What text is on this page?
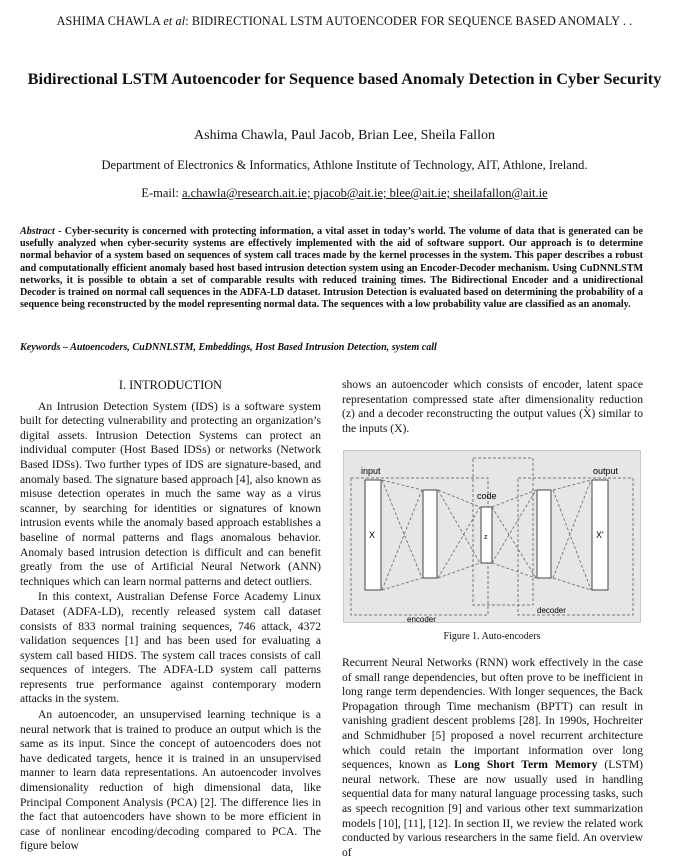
ASHIMA CHAWLA et al: BIDIRECTIONAL LSTM AUTOENCODER FOR SEQUENCE BASED ANOMALY . .
Bidirectional LSTM Autoencoder for Sequence based Anomaly Detection in Cyber Security
Ashima Chawla, Paul Jacob, Brian Lee, Sheila Fallon
Department of Electronics & Informatics, Athlone Institute of Technology, AIT, Athlone, Ireland.
E-mail: a.chawla@research.ait.ie; pjacob@ait.ie; blee@ait.ie; sheilafallon@ait.ie
Abstract - Cyber-security is concerned with protecting information, a vital asset in today’s world. The volume of data that is generated can be usefully analyzed when cyber-security systems are effectively implemented with the aid of software support. Our approach is to determine normal behavior of a system based on sequences of system call traces made by the kernel processes in the system. This paper describes a robust and computationally efficient anomaly based host based intrusion detection system using an Encoder-Decoder mechanism. Using CuDNNLSTM networks, it is possible to obtain a set of comparable results with reduced training times. The Bidirectional Encoder and a unidirectional Decoder is trained on normal call sequences in the ADFA-LD dataset. Intrusion Detection is evaluated based on determining the probability of a sequence being reconstructed by the model representing normal data. The sequences with a low probability value are classified as an anomaly.
Keywords – Autoencoders, CuDNNLSTM, Embeddings, Host Based Intrusion Detection, system call
I. INTRODUCTION

An Intrusion Detection System (IDS) is a software system built for detecting vulnerability and protecting an organization’s digital assets. Intrusion Detection Systems can protect an individual computer (Host Based IDSs) or networks (Network Based IDSs). Two further types of IDS are signature-based, and anomaly based. The signature based approach [4], also known as misuse detection operates in much the same way as a virus scanner, by searching for identities or signatures of known intrusion events while the anomaly based approach establishes a baseline of normal patterns and flags anomalous behavior. Anomaly based intrusion detection is difficult and can benefit greatly from the use of Artificial Neural Network (ANN) techniques which can learn normal patterns and detect outliers.

In this context, Australian Defense Force Academy Linux Dataset (ADFA-LD), recently released system call dataset consists of 833 normal training sequences, 746 attack, 4372 validation sequences [1] and has been used for evaluating a system call based HIDS. The system call traces consists of call sequences of integers. The ADFA-LD system call patterns represents true performance against contemporary modern attacks in the system.

An autoencoder, an unsupervised learning technique is a neural network that is trained to produce an output which is the same as its input. Since the concept of autoencoders does not have dedicated targets, hence it is trained in an unsupervised manner to learn data representations. An autoencoder involves dimensionality reduction of high dimensional data, like Principal Component Analysis (PCA) [2]. The difference lies in the fact that autoencoders have shown to be more efficient in case of nonlinear encoding/decoding compared to PCA. The figure below

shows an autoencoder which consists of encoder, latent space representation compressed state after dimensionality reduction (z) and a decoder reconstructing the output values (X̀) similar to the inputs (X).

input	output
code
X	z	X'
encoder
decoder
Figure 1. Auto-encoders
Recurrent Neural Networks (RNN) work effectively in the case of small range dependencies, but often prove to be inefficient in long range term dependencies. With longer sequences, the Back Propagation through Time mechanism (BPTT) can result in vanishing gradient descent problems [28]. In 1990s, Hochreiter and Schmidhuber [5] proposed a novel recurrent architecture which could retain the important information over long sequences, known as Long Short Term Memory (LSTM) neural network. These are now usually used in handling sequential data for many natural language processing tasks, such as speech recognition [9] and various other text summarization models [10], [11], [12]. In section II, we review the related work conducted by various researchers in the same field. An overview of
